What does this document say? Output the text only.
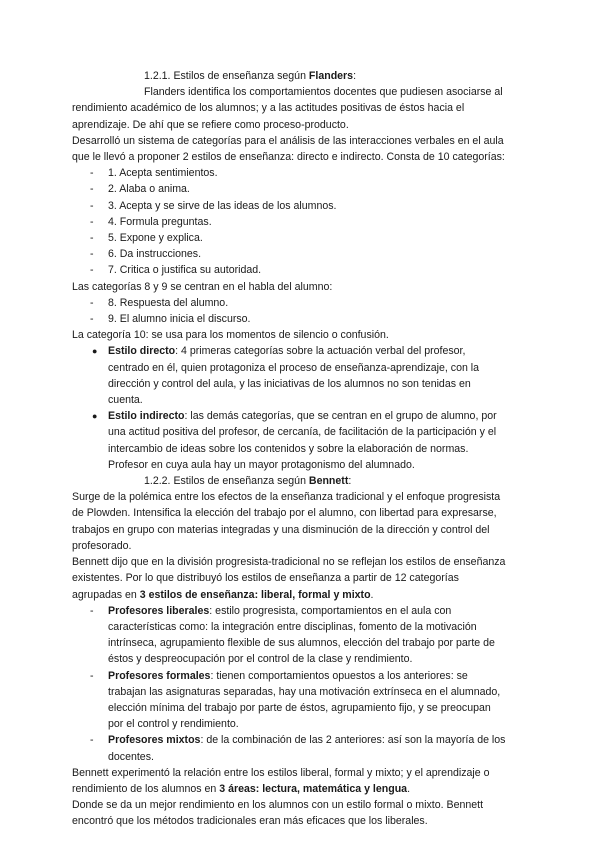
1.2.1. Estilos de enseñanza según Flanders:
Flanders identifica los comportamientos docentes que pudiesen asociarse al
rendimiento académico de los alumnos; y a las actitudes positivas de éstos hacia el
aprendizaje. De ahí que se refiere como proceso-producto.
Desarrolló un sistema de categorías para el análisis de las interacciones verbales en el aula
que le llevó a proponer 2 estilos de enseñanza: directo e indirecto. Consta de 10 categorías:
- 1. Acepta sentimientos.
- 2. Alaba o anima.
- 3. Acepta y se sirve de las ideas de los alumnos.
- 4. Formula preguntas.
- 5. Expone y explica.
- 6. Da instrucciones.
- 7. Critica o justifica su autoridad.
Las categorías 8 y 9 se centran en el habla del alumno:
- 8. Respuesta del alumno.
- 9. El alumno inicia el discurso.
La categoría 10: se usa para los momentos de silencio o confusión.
● Estilo directo: 4 primeras categorías sobre la actuación verbal del profesor,
centrado en él, quien protagoniza el proceso de enseñanza-aprendizaje, con la
dirección y control del aula, y las iniciativas de los alumnos no son tenidas en
cuenta.
● Estilo indirecto: las demás categorías, que se centran en el grupo de alumno, por
una actitud positiva del profesor, de cercanía, de facilitación de la participación y el
intercambio de ideas sobre los contenidos y sobre la elaboración de normas.
Profesor en cuya aula hay un mayor protagonismo del alumnado.
1.2.2. Estilos de enseñanza según Bennett:
Surge de la polémica entre los efectos de la enseñanza tradicional y el enfoque progresista
de Plowden. Intensifica la elección del trabajo por el alumno, con libertad para expresarse,
trabajos en grupo con materias integradas y una disminución de la dirección y control del
profesorado.
Bennett dijo que en la división progresista-tradicional no se reflejan los estilos de enseñanza
existentes. Por lo que distribuyó los estilos de enseñanza a partir de 12 categorías
agrupadas en 3 estilos de enseñanza: liberal, formal y mixto.
- Profesores liberales: estilo progresista, comportamientos en el aula con
características como: la integración entre disciplinas, fomento de la motivación
intrínseca, agrupamiento flexible de sus alumnos, elección del trabajo por parte de
éstos y despreocupación por el control de la clase y rendimiento.
- Profesores formales: tienen comportamientos opuestos a los anteriores: se
trabajan las asignaturas separadas, hay una motivación extrínseca en el alumnado,
elección mínima del trabajo por parte de éstos, agrupamiento fijo, y se preocupan
por el control y rendimiento.
- Profesores mixtos: de la combinación de las 2 anteriores: así son la mayoría de los
docentes.
Bennett experimentó la relación entre los estilos liberal, formal y mixto; y el aprendizaje o
rendimiento de los alumnos en 3 áreas: lectura, matemática y lengua.
Donde se da un mejor rendimiento en los alumnos con un estilo formal o mixto. Bennett
encontró que los métodos tradicionales eran más eficaces que los liberales.
